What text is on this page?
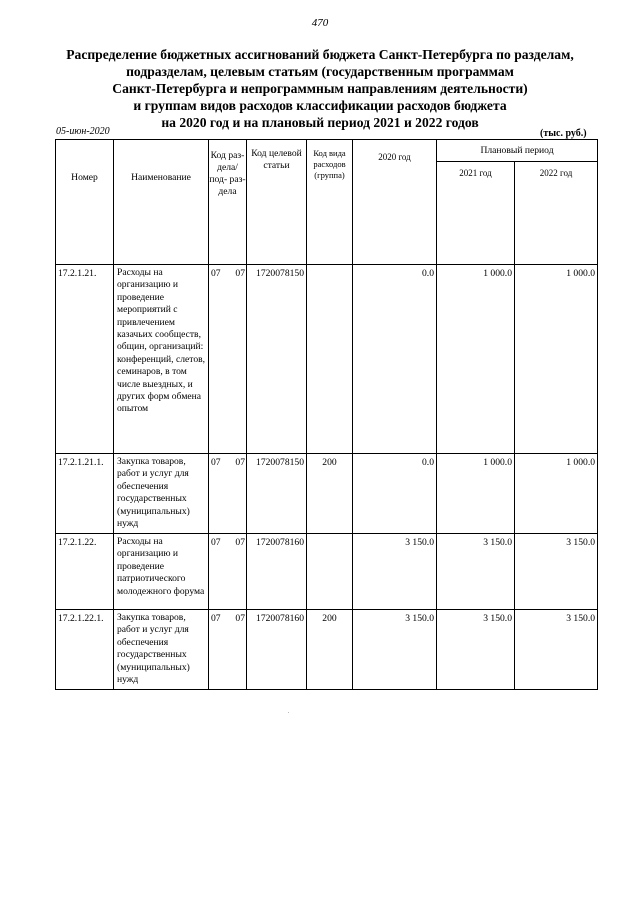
470
Распределение бюджетных ассигнований бюджета Санкт-Петербурга по разделам,
подразделам, целевым статьям (государственным программам
Санкт-Петербурга и непрограммным направлениям деятельности)
и группам видов расходов классификации расходов бюджета
на 2020 год и на плановый период 2021 и 2022 годов
05-июн-2020	(тыс. руб.)
Номер	Наименование	Код раз- дела/ под- раз- дела	Код целевой статьи	Код вида расходов (группа)	2020 год	Плановый период	
						2021 год	2022 год
17.2.1.21.	Расходы на организацию и проведение мероприятий с привлечением казачьих сообществ, общин, организаций: конференций, слетов, семинаров, в том числе выездных, и других форм обмена опытом	07 07	1720078150		0.0	1 000.0	1 000.0
17.2.1.21.1.	Закупка товаров, работ и услуг для обеспечения государственных (муниципальных) нужд	07 07	1720078150	200	0.0	1 000.0	1 000.0
17.2.1.22.	Расходы на организацию и проведение патриотического молодежного форума	07 07	1720078160		3 150.0	3 150.0	3 150.0
17.2.1.22.1.	Закупка товаров, работ и услуг для обеспечения государственных (муниципальных) нужд	07 07	1720078160	200	3 150.0	3 150.0	3 150.0
